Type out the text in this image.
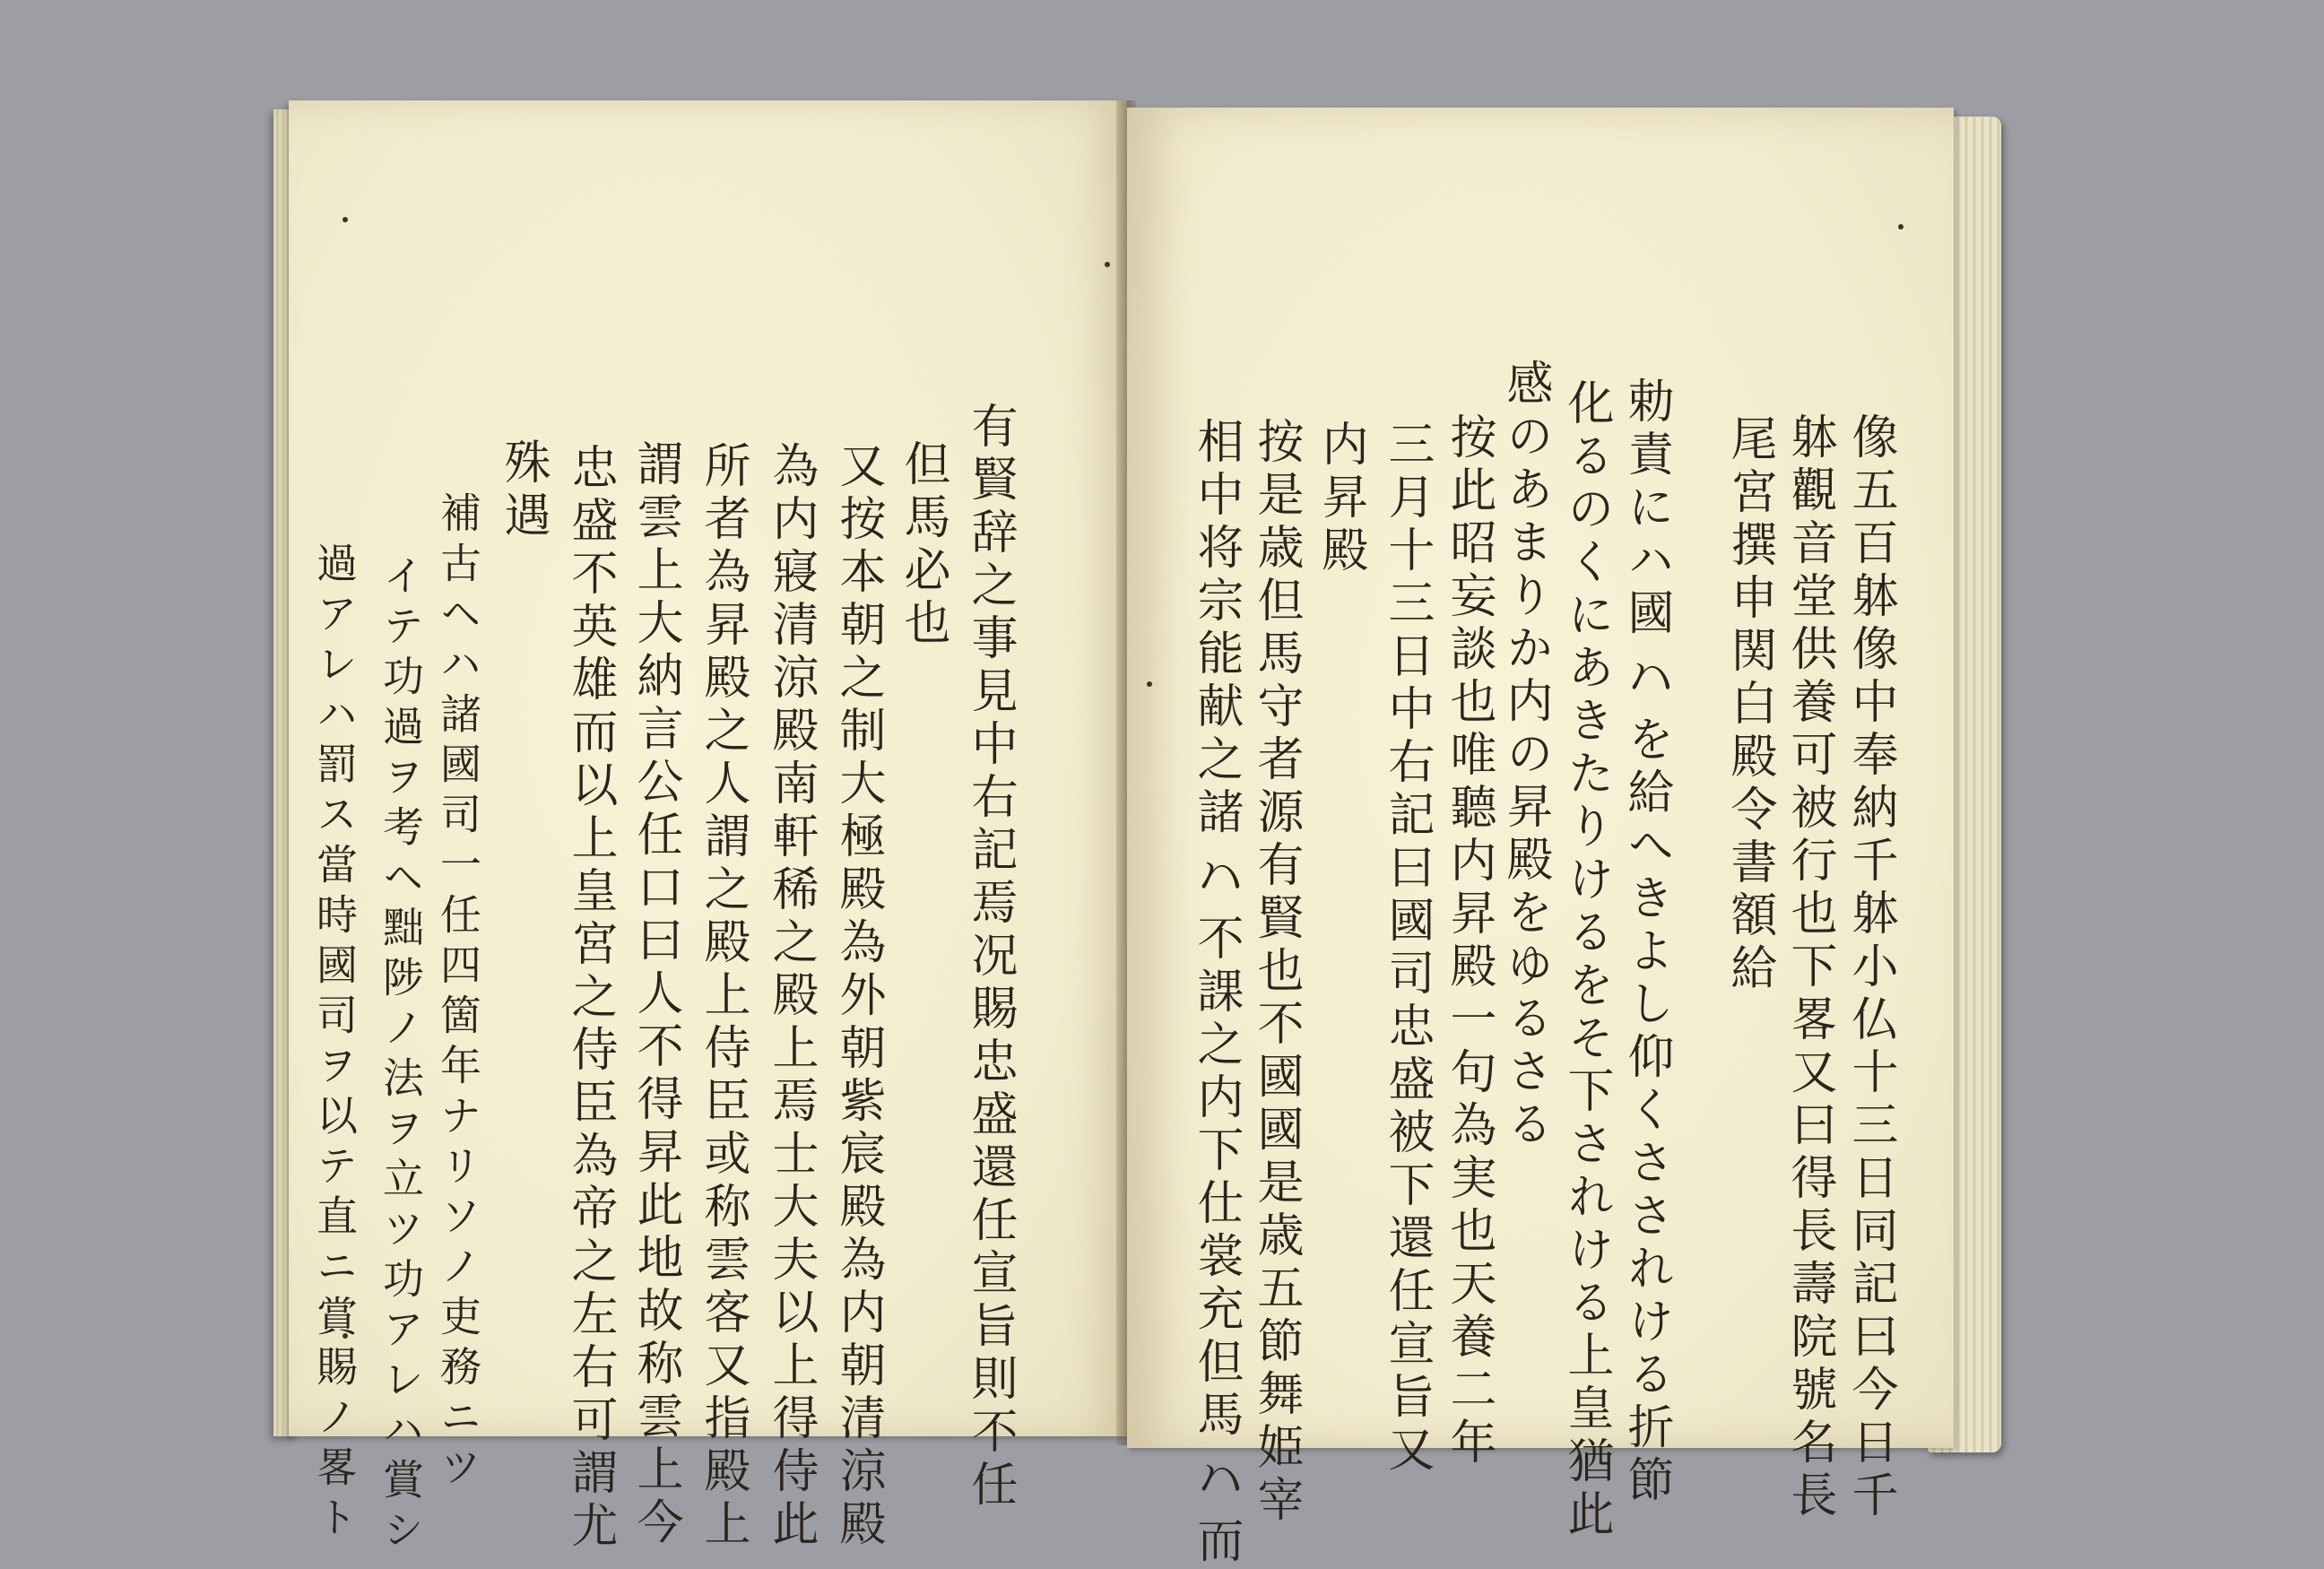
有賢辞之事見中右記焉况賜忠盛還任宣旨則不任
但馬必也
又按本朝之制大極殿為外朝紫宸殿為内朝清涼殿
為内寢清涼殿南軒稀之殿上焉士大夫以上得侍此
所者為昇殿之人謂之殿上侍臣或称雲客又指殿上
謂雲上大納言公任口曰人不得昇此地故称雲上今
忠盛不英雄而以上皇宮之侍臣為帝之左右可謂尤
殊遇
補古ヘハ諸國司一任四箇年ナリソノ吏務ニツ
イテ功過ヲ考ヘ黜陟ノ法ヲ立ツ功アレハ賞シ
過アレハ罰ス當時國司ヲ以テ直ニ賞賜ノ畧ト	像五百躰像中奉納千躰小仏十三日同記曰今日千
躰觀音堂供養可被行也下畧又曰得長壽院號名長
尾宮撰申関白殿令書額給
勅責にハ國𛂞を給へきよし仰くさされける折節
化るのくにあきたりけるをそ下されける上皇猶此
感のあまりか内の昇殿をゆるさる
按此昭妄談也唯聽内昇殿一句為実也天養二年
三月十三日中右記曰國司忠盛被下還任宣旨又
内昇殿
按是歳但馬守者源有賢也不國國是歳五節舞姫宰
相中将宗能献之諸𛂞不課之内下仕裳充但馬𛂞而
